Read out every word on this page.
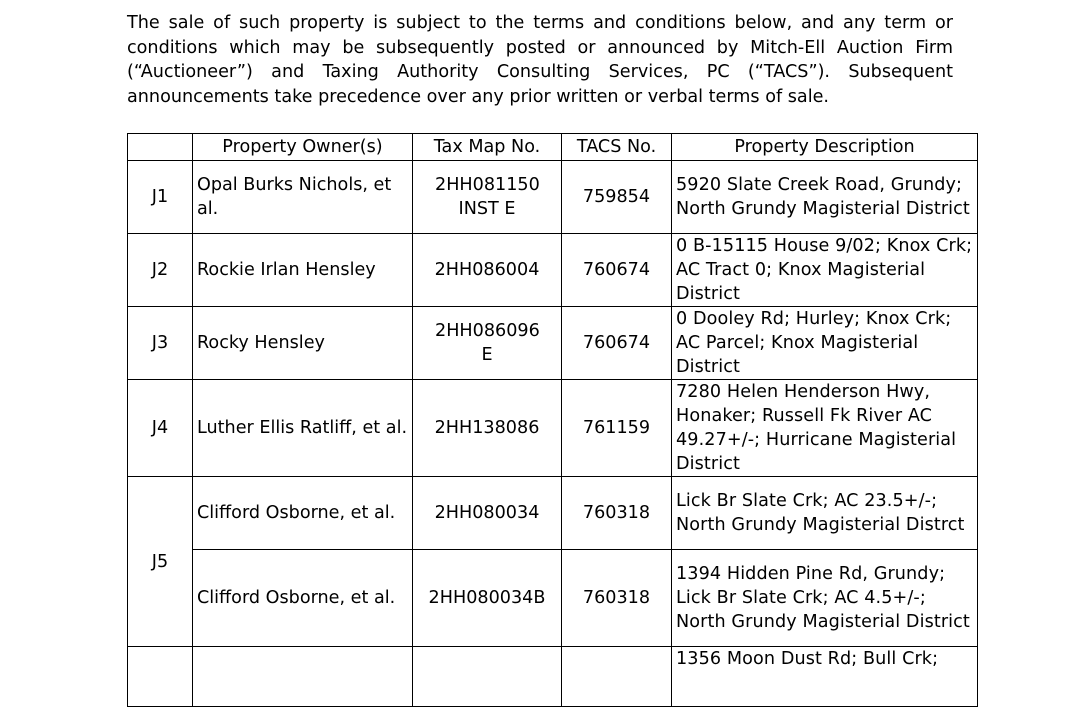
The sale of such property is subject to the terms and conditions below, and any term or conditions which may be subsequently posted or announced by Mitch-Ell Auction Firm (“Auctioneer”) and Taxing Authority Consulting Services, PC (“TACS”). Subsequent announcements take precedence over any prior written or verbal terms of sale.

	Property Owner(s)	Tax Map No.	TACS No.	Property Description
J1	Opal Burks Nichols, et al.	2HH081150 INST E	759854	5920 Slate Creek Road, Grundy; North Grundy Magisterial District
J2	Rockie Irlan Hensley	2HH086004	760674	0 B-15115 House 9/02; Knox Crk; AC Tract 0; Knox Magisterial District
J3	Rocky Hensley	2HH086096 E	760674	0 Dooley Rd; Hurley; Knox Crk; AC Parcel; Knox Magisterial District
J4	Luther Ellis Ratliff, et al.	2HH138086	761159	7280 Helen Henderson Hwy, Honaker; Russell Fk River AC 49.27+/-; Hurricane Magisterial District
J5	Clifford Osborne, et al.	2HH080034	760318	Lick Br Slate Crk; AC 23.5+/-; North Grundy Magisterial Distrct
	Clifford Osborne, et al.	2HH080034B	760318	1394 Hidden Pine Rd, Grundy; Lick Br Slate Crk; AC 4.5+/-; North Grundy Magisterial District
				1356 Moon Dust Rd; Bull Crk;
